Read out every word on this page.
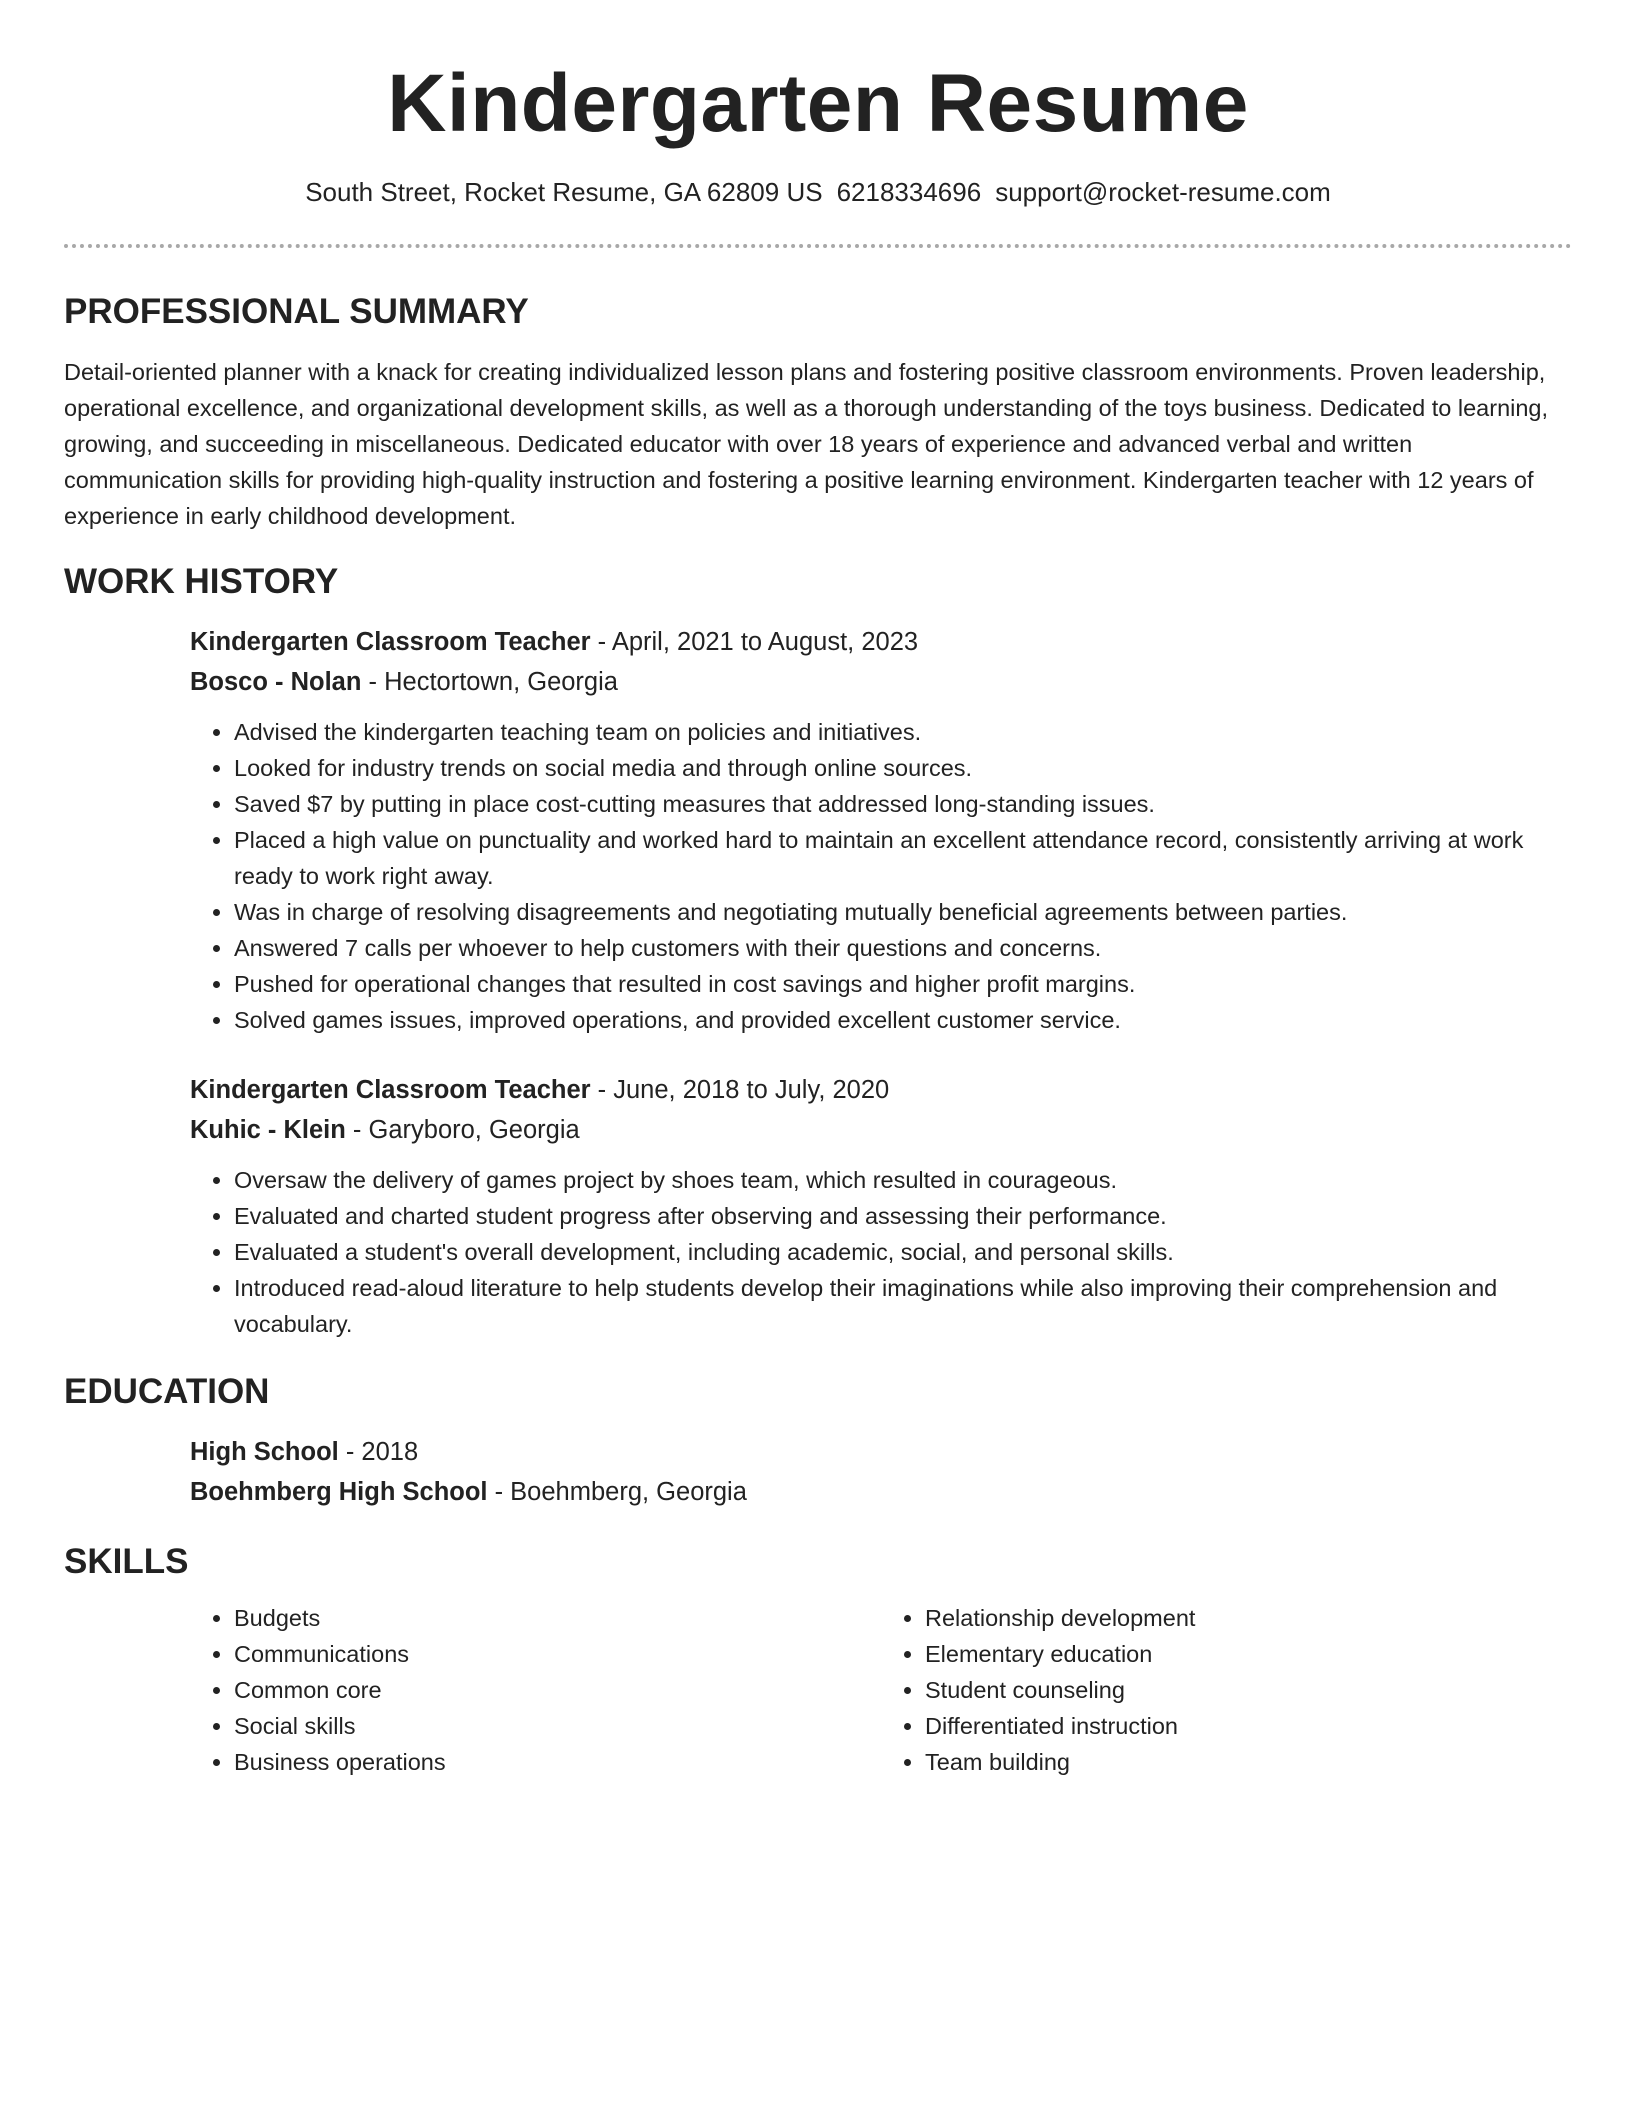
Kindergarten Resume
South Street, Rocket Resume, GA 62809 US 6218334696 support@rocket-resume.com
PROFESSIONAL SUMMARY

Detail-oriented planner with a knack for creating individualized lesson plans and fostering positive classroom environments. Proven leadership, operational excellence, and organizational development skills, as well as a thorough understanding of the toys business. Dedicated to learning, growing, and succeeding in miscellaneous. Dedicated educator with over 18 years of experience and advanced verbal and written communication skills for providing high-quality instruction and fostering a positive learning environment. Kindergarten teacher with 12 years of experience in early childhood development.

WORK HISTORY
Kindergarten Classroom Teacher - April, 2021 to August, 2023
Bosco - Nolan - Hectortown, Georgia
• Advised the kindergarten teaching team on policies and initiatives.
• Looked for industry trends on social media and through online sources.
• Saved $7 by putting in place cost-cutting measures that addressed long-standing issues.
• Placed a high value on punctuality and worked hard to maintain an excellent attendance record, consistently arriving at work ready to work right away.
• Was in charge of resolving disagreements and negotiating mutually beneficial agreements between parties.
• Answered 7 calls per whoever to help customers with their questions and concerns.
• Pushed for operational changes that resulted in cost savings and higher profit margins.
• Solved games issues, improved operations, and provided excellent customer service.
Kindergarten Classroom Teacher - June, 2018 to July, 2020
Kuhic - Klein - Garyboro, Georgia
• Oversaw the delivery of games project by shoes team, which resulted in courageous.
• Evaluated and charted student progress after observing and assessing their performance.
• Evaluated a student's overall development, including academic, social, and personal skills.
• Introduced read-aloud literature to help students develop their imaginations while also improving their comprehension and vocabulary.
EDUCATION
High School - 2018
Boehmberg High School - Boehmberg, Georgia
SKILLS
• Budgets
• Communications
• Common core
• Social skills
• Business operations
• Relationship development
• Elementary education
• Student counseling
• Differentiated instruction
• Team building
